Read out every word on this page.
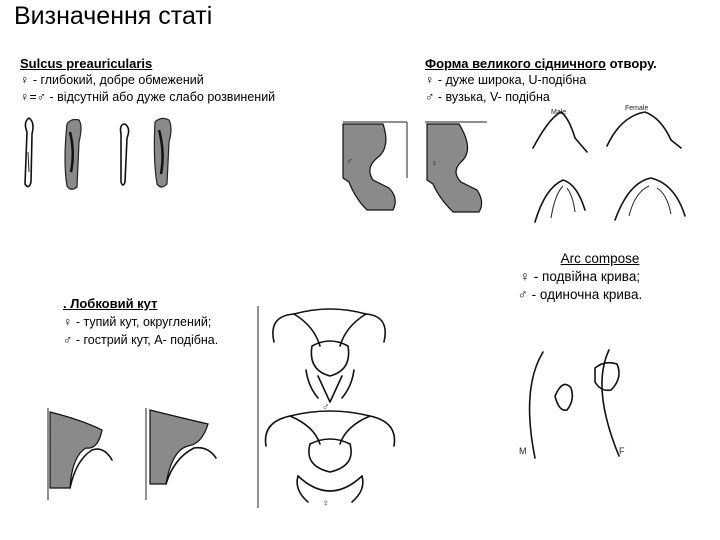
Визначення статі
Sulcus preauricularis
♀ - глибокий, добре обмежений
♀=♂ - відсутній або дуже слабо розвинений
Форма великого сідничного отвору.
♀ - дуже широка, U-подібна
♂ - вузька, V- подібна
♂	♀
Male
Female
Arc compose
♀ - подвійна крива;
♂ - одиночна крива.
M	F
. Лобковий кут
♀ - тупий кут, округлений;
♂ - гострий кут, А- подібна.
♂
♀
